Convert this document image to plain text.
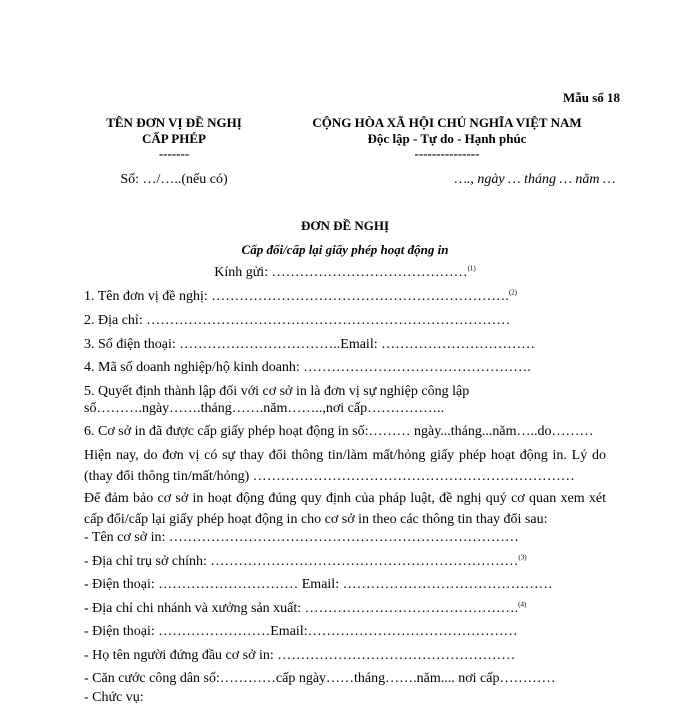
Mẫu số 18
TÊN ĐƠN VỊ ĐỀ NGHỊ
CẤP PHÉP
-------
Số: …/…..(nếu có)
CỘNG HÒA XÃ HỘI CHỦ NGHĨA VIỆT NAM
Độc lập - Tự do - Hạnh phúc
---------------
…., ngày … tháng … năm …
ĐƠN ĐỀ NGHỊ
Cấp đổi/cấp lại giấy phép hoạt động in
Kính gửi: ……………………………………$^{(1)}$
1. Tên đơn vị đề nghị: ……………………………………………………….$^{(2)}$
2. Địa chỉ: ……………………………………………………………………
3. Số điện thoại: ……………………………..Email: ……………………………
4. Mã số doanh nghiệp/hộ kinh doanh: ………………………………………….
5. Quyết định thành lập đối với cơ sở in là đơn vị sự nghiệp công lập
số……….ngày…….tháng…….năm……..,nơi cấp……………..
6. Cơ sở in đã được cấp giấy phép hoạt động in số:……… ngày...tháng...năm…..do………
Hiện nay, do đơn vị có sự thay đổi thông tin/làm mất/hỏng giấy phép hoạt động in. Lý do (thay đổi thông tin/mất/hỏng) ……………………………………………………………
Để đảm bảo cơ sở in hoạt động đúng quy định của pháp luật, đề nghị quý cơ quan xem xét cấp đổi/cấp lại giấy phép hoạt động in cho cơ sở in theo các thông tin thay đổi sau:
- Tên cơ sở in: …………………………………………………………………
- Địa chỉ trụ sở chính: …………………………………………………………$^{(3)}$
- Điện thoại: ………………………… Email: ………………………………………
- Địa chỉ chi nhánh và xưởng sản xuất: ……………………………………….$^{(4)}$
- Điện thoại: ……………………Email:………………………………………
- Họ tên người đứng đầu cơ sở in: ……………………………………………
- Căn cước công dân số:…………cấp ngày……tháng…….năm.... nơi cấp…………
- Chức vụ:
